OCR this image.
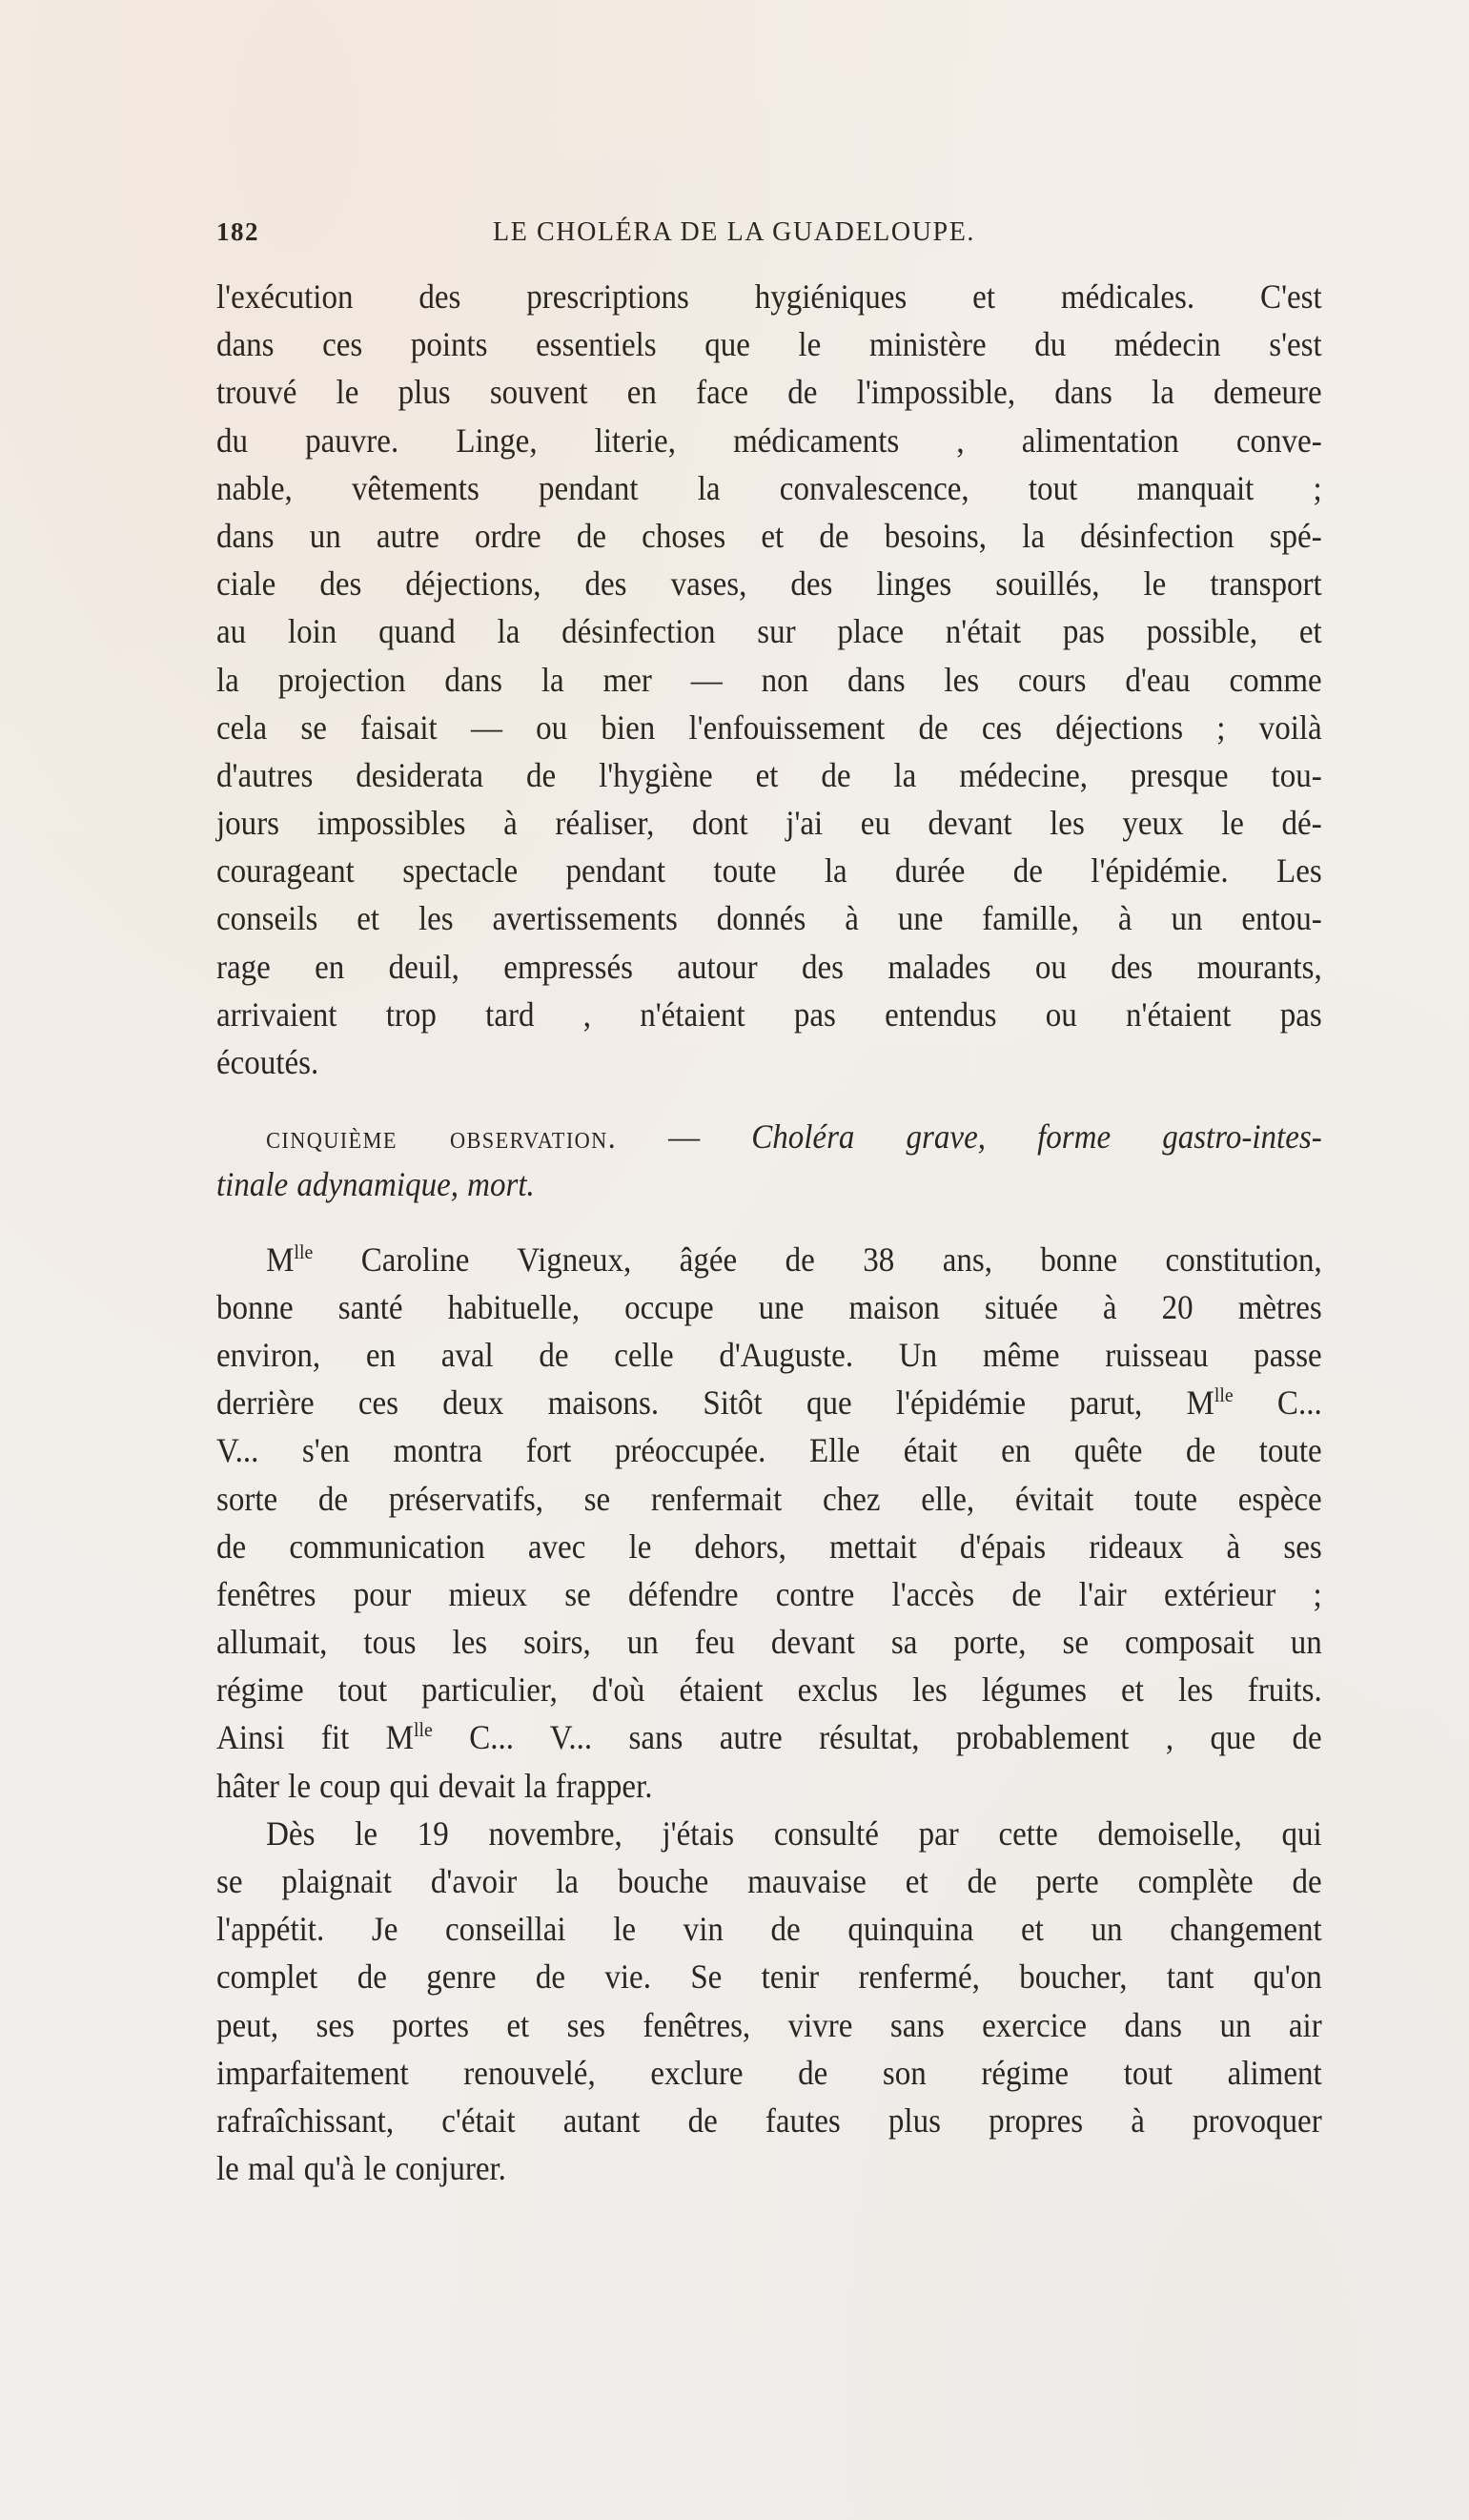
182	LE CHOLÉRA DE LA GUADELOUPE.
l'exécution des prescriptions hygiéniques et médicales. C'est
dans ces points essentiels que le ministère du médecin s'est
trouvé le plus souvent en face de l'impossible, dans la demeure
du pauvre. Linge, literie, médicaments , alimentation conve-
nable, vêtements pendant la convalescence, tout manquait ;
dans un autre ordre de choses et de besoins, la désinfection spé-
ciale des déjections, des vases, des linges souillés, le transport
au loin quand la désinfection sur place n'était pas possible, et
la projection dans la mer — non dans les cours d'eau comme
cela se faisait — ou bien l'enfouissement de ces déjections ; voilà
d'autres desiderata de l'hygiène et de la médecine, presque tou-
jours impossibles à réaliser, dont j'ai eu devant les yeux le dé-
courageant spectacle pendant toute la durée de l'épidémie. Les
conseils et les avertissements donnés à une famille, à un entou-
rage en deuil, empressés autour des malades ou des mourants,
arrivaient trop tard , n'étaient pas entendus ou n'étaient pas
écoutés.
cinquième observation. — Choléra grave, forme gastro-intes-
tinale adynamique, mort.
$M^{lle}$ Caroline Vigneux, âgée de 38 ans, bonne constitution,
bonne santé habituelle, occupe une maison située à 20 mètres
environ, en aval de celle d'Auguste. Un même ruisseau passe
derrière ces deux maisons. Sitôt que l'épidémie parut, $M^{lle}$ C...
V... s'en montra fort préoccupée. Elle était en quête de toute
sorte de préservatifs, se renfermait chez elle, évitait toute espèce
de communication avec le dehors, mettait d'épais rideaux à ses
fenêtres pour mieux se défendre contre l'accès de l'air extérieur ;
allumait, tous les soirs, un feu devant sa porte, se composait un
régime tout particulier, d'où étaient exclus les légumes et les fruits.
Ainsi fit $M^{lle}$ C... V... sans autre résultat, probablement , que de
hâter le coup qui devait la frapper.
Dès le 19 novembre, j'étais consulté par cette demoiselle, qui
se plaignait d'avoir la bouche mauvaise et de perte complète de
l'appétit. Je conseillai le vin de quinquina et un changement
complet de genre de vie. Se tenir renfermé, boucher, tant qu'on
peut, ses portes et ses fenêtres, vivre sans exercice dans un air
imparfaitement renouvelé, exclure de son régime tout aliment
rafraîchissant, c'était autant de fautes plus propres à provoquer
le mal qu'à le conjurer.
